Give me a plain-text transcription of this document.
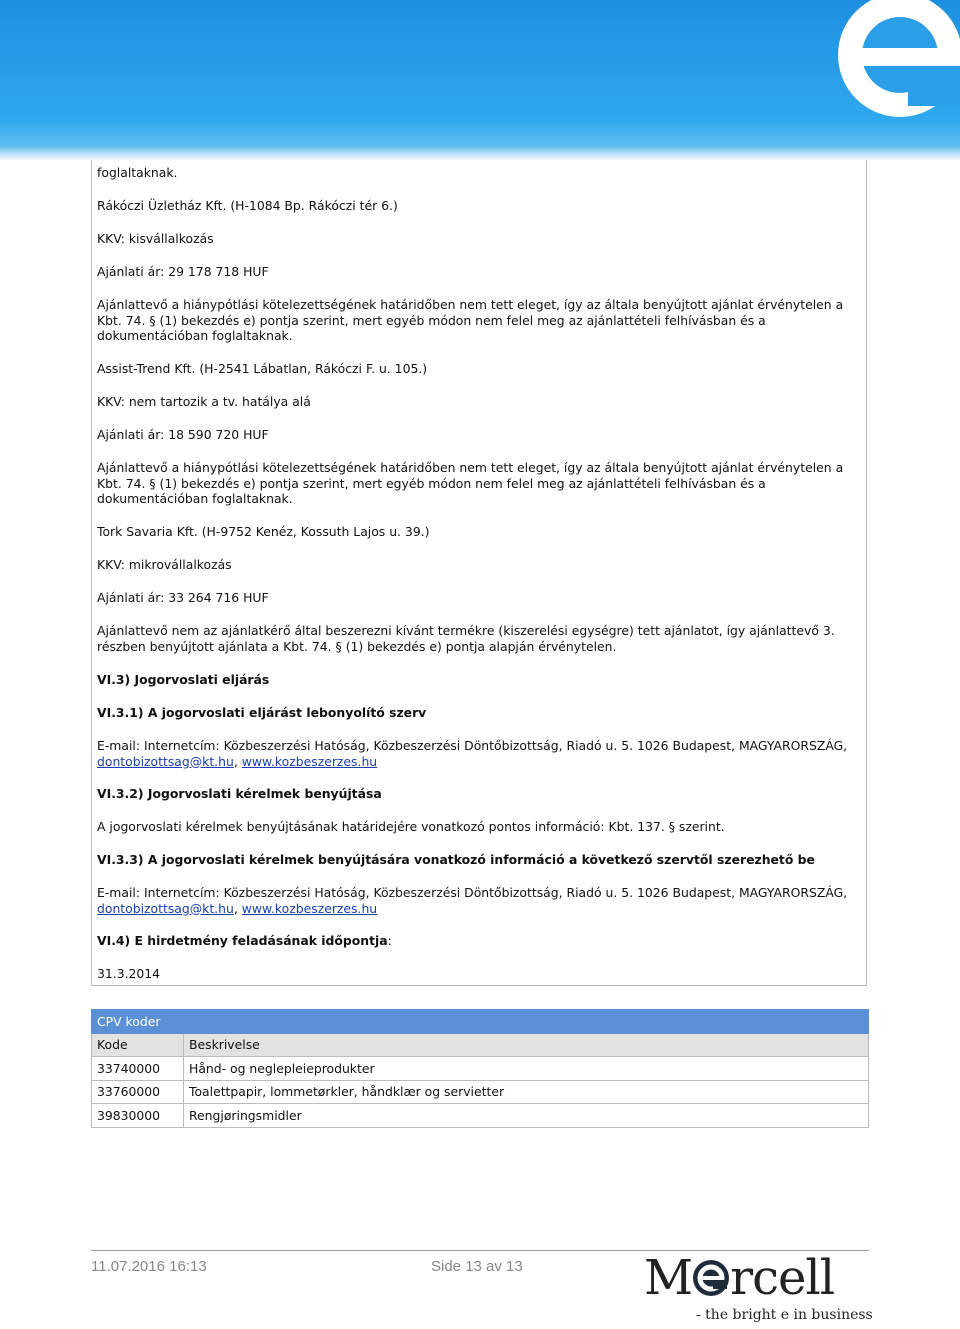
foglaltaknak.

Rákóczi Üzletház Kft. (H-1084 Bp. Rákóczi tér 6.)

KKV: kisvállalkozás

Ajánlati ár: 29 178 718 HUF

Ajánlattevő a hiánypótlási kötelezettségének határidőben nem tett eleget, így az általa benyújtott ajánlat érvénytelen a Kbt. 74. § (1) bekezdés e) pontja szerint, mert egyéb módon nem felel meg az ajánlattételi felhívásban és a dokumentációban foglaltaknak.

Assist-Trend Kft. (H-2541 Lábatlan, Rákóczi F. u. 105.)

KKV: nem tartozik a tv. hatálya alá

Ajánlati ár: 18 590 720 HUF

Ajánlattevő a hiánypótlási kötelezettségének határidőben nem tett eleget, így az általa benyújtott ajánlat érvénytelen a Kbt. 74. § (1) bekezdés e) pontja szerint, mert egyéb módon nem felel meg az ajánlattételi felhívásban és a dokumentációban foglaltaknak.

Tork Savaria Kft. (H-9752 Kenéz, Kossuth Lajos u. 39.)

KKV: mikrovállalkozás

Ajánlati ár: 33 264 716 HUF

Ajánlattevő nem az ajánlatkérő által beszerezni kívánt termékre (kiszerelési egységre) tett ajánlatot, így ajánlattevő 3. részben benyújtott ajánlata a Kbt. 74. § (1) bekezdés e) pontja alapján érvénytelen.

VI.3) Jogorvoslati eljárás

VI.3.1) A jogorvoslati eljárást lebonyolító szerv

E-mail: Internetcím: Közbeszerzési Hatóság, Közbeszerzési Döntőbizottság, Riadó u. 5. 1026 Budapest, MAGYARORSZÁG,
dontobizottsag@kt.hu, www.kozbeszerzes.hu

VI.3.2) Jogorvoslati kérelmek benyújtása

A jogorvoslati kérelmek benyújtásának határidejére vonatkozó pontos információ: Kbt. 137. § szerint.

VI.3.3) A jogorvoslati kérelmek benyújtására vonatkozó információ a következő szervtől szerezhető be

E-mail: Internetcím: Közbeszerzési Hatóság, Közbeszerzési Döntőbizottság, Riadó u. 5. 1026 Budapest, MAGYARORSZÁG,
dontobizottsag@kt.hu, www.kozbeszerzes.hu

VI.4) E hirdetmény feladásának időpontja:

31.3.2014

CPV koder	
Kode	Beskrivelse
33740000	Hånd- og neglepleieprodukter
33760000	Toalettpapir, lommetørkler, håndklær og servietter
39830000	Rengjøringsmidler
11.07.2016 16:13	Side 13 av 13	M rcell
- the bright e in business
